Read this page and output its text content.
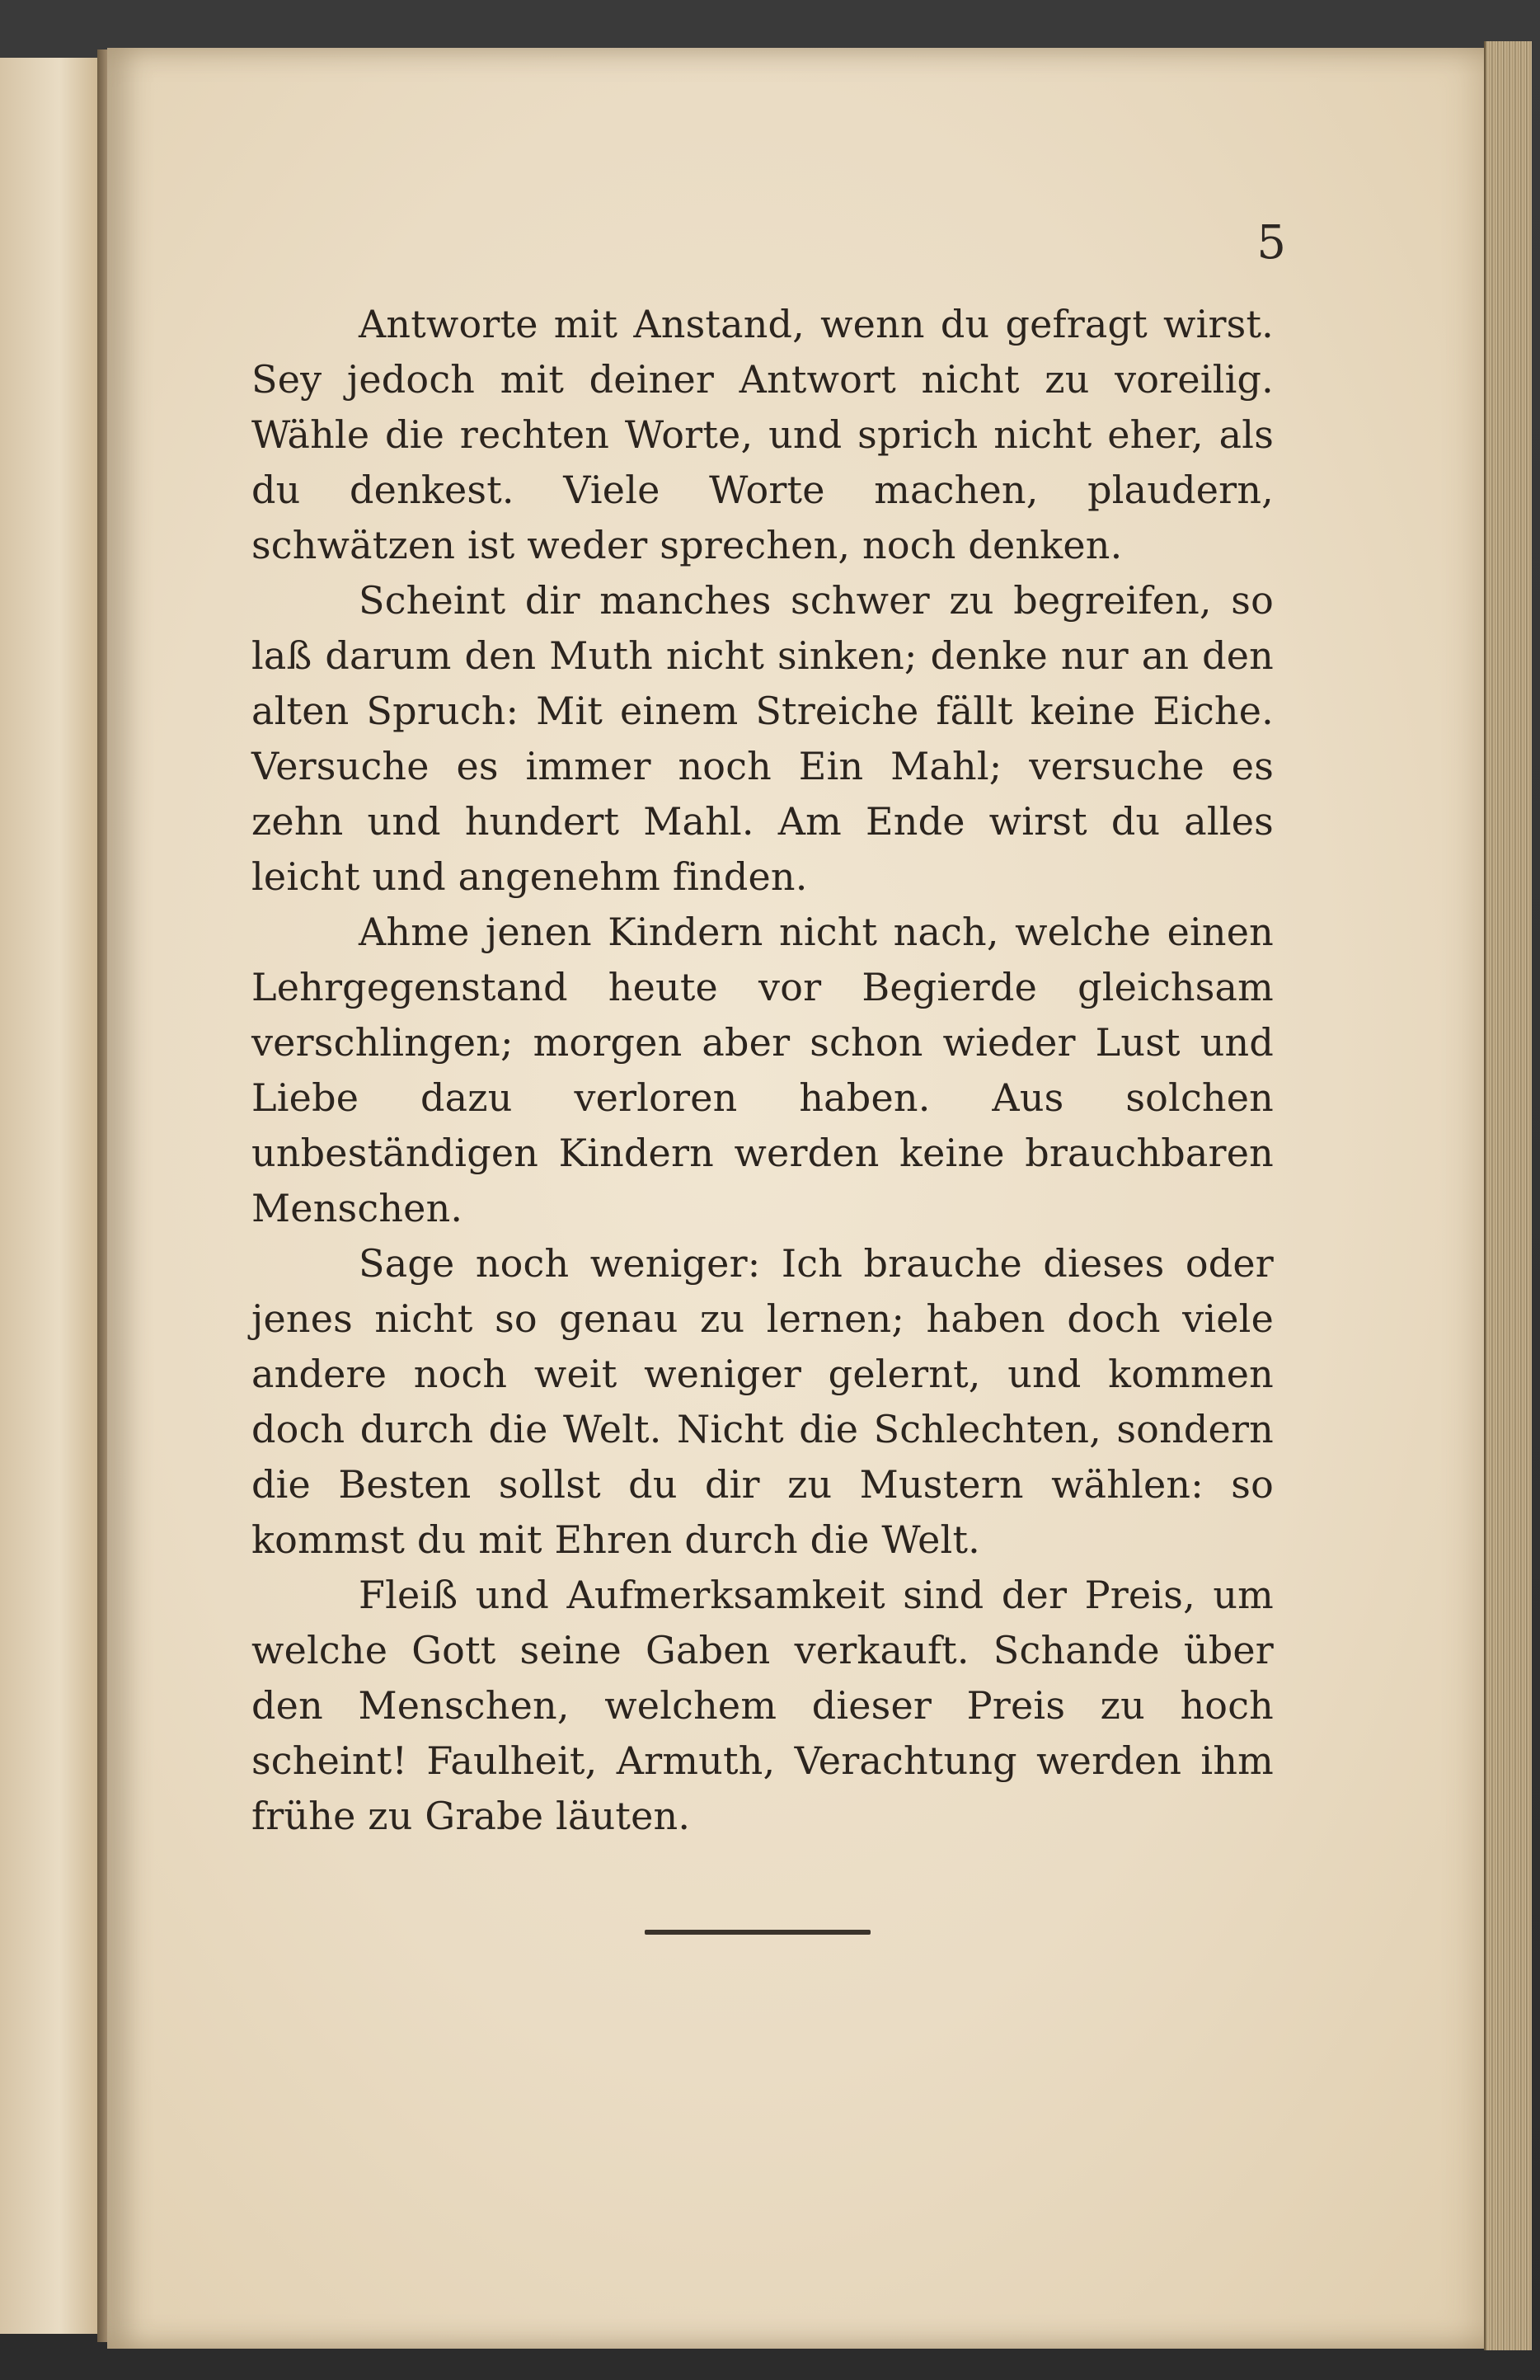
5

Antworte mit Anstand, wenn du gefragt wirst. Sey jedoch mit deiner Antwort nicht zu voreilig. Wähle die rechten Worte, und sprich nicht eher, als du denkest. Viele Worte machen, plaudern, schwätzen ist weder sprechen, noch denken.

Scheint dir manches schwer zu begreifen, so laß darum den Muth nicht sinken; denke nur an den alten Spruch: Mit einem Streiche fällt keine Eiche. Versuche es immer noch Ein Mahl; versuche es zehn und hundert Mahl. Am Ende wirst du alles leicht und angenehm finden.

Ahme jenen Kindern nicht nach, welche einen Lehrgegenstand heute vor Begierde gleichsam verschlingen; morgen aber schon wieder Lust und Liebe dazu verloren haben. Aus solchen unbeständigen Kindern werden keine brauchbaren Menschen.

Sage noch weniger: Ich brauche dieses oder jenes nicht so genau zu lernen; haben doch viele andere noch weit weniger gelernt, und kommen doch durch die Welt. Nicht die Schlechten, sondern die Besten sollst du dir zu Mustern wählen: so kommst du mit Ehren durch die Welt.

Fleiß und Aufmerksamkeit sind der Preis, um welche Gott seine Gaben verkauft. Schande über den Menschen, welchem dieser Preis zu hoch scheint! Faulheit, Armuth, Verachtung werden ihm frühe zu Grabe läuten.
